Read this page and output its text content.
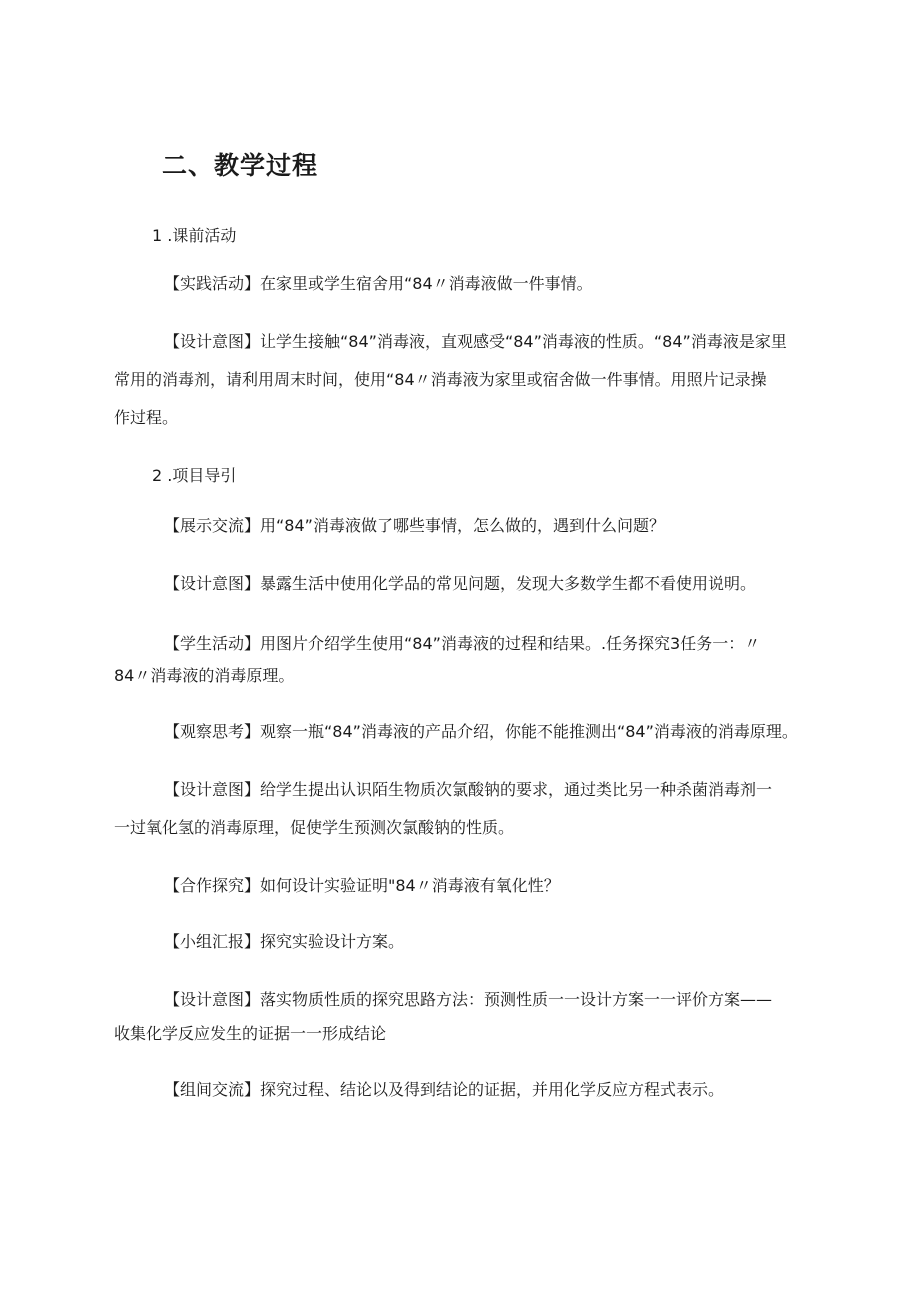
二、教学过程

1 .课前活动

【实践活动】在家里或学生宿舍用“84〃消毒液做一件事情。

【设计意图】让学生接触“84”消毒液，直观感受“84”消毒液的性质。“84”消毒液是家里

常用的消毒剂，请利用周末时间，使用“84〃消毒液为家里或宿舍做一件事情。用照片记录操

作过程。

2 .项目导引

【展示交流】用“84”消毒液做了哪些事情，怎么做的，遇到什么问题？

【设计意图】暴露生活中使用化学品的常见问题，发现大多数学生都不看使用说明。

【学生活动】用图片介绍学生使用“84”消毒液的过程和结果。.任务探究3任务一：〃

84〃消毒液的消毒原理。

【观察思考】观察一瓶“84”消毒液的产品介绍，你能不能推测出“84”消毒液的消毒原理。

【设计意图】给学生提出认识陌生物质次氯酸钠的要求，通过类比另一种杀菌消毒剂一

一过氧化氢的消毒原理，促使学生预测次氯酸钠的性质。

【合作探究】如何设计实验证明"84〃消毒液有氧化性？

【小组汇报】探究实验设计方案。

【设计意图】落实物质性质的探究思路方法：预测性质一一设计方案一一评价方案——

收集化学反应发生的证据一一形成结论

【组间交流】探究过程、结论以及得到结论的证据，并用化学反应方程式表示。
